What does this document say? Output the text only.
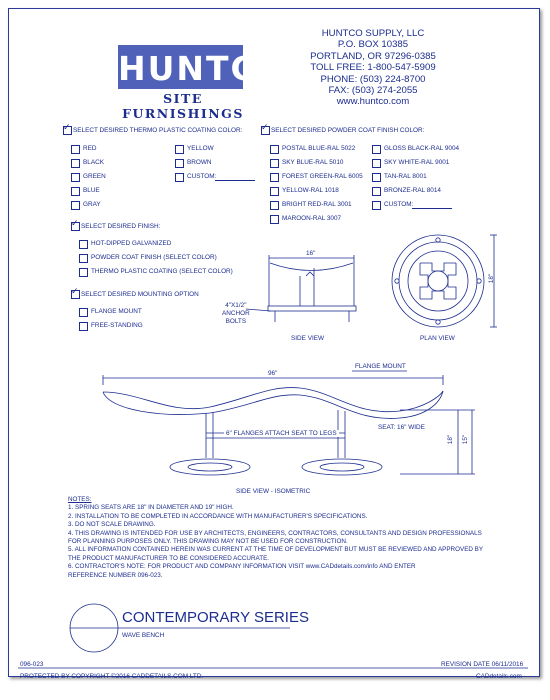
HUNTCO
SITE FURNISHINGS
HUNTCO SUPPLY, LLC
P.O. BOX 10385
PORTLAND, OR 97296-0385
TOLL FREE: 1-800-547-5909
PHONE: (503) 224-8700
FAX: (503) 274-2055
www.huntco.com
✓ SELECT DESIRED THERMO PLASTIC COATING COLOR:
RED
BLACK
GREEN
BLUE
GRAY
YELLOW
BROWN
CUSTOM:
✓ SELECT DESIRED POWDER COAT FINISH COLOR:
POSTAL BLUE-RAL 5022
SKY BLUE-RAL 5010
FOREST GREEN-RAL 6005
YELLOW-RAL 1018
BRIGHT RED-RAL 3001
MAROON-RAL 3007
GLOSS BLACK-RAL 9004
SKY WHITE-RAL 9001
TAN-RAL 8001
BRONZE-RAL 8014
CUSTOM:
✓ SELECT DESIRED FINISH:
HOT-DIPPED GALVANIZED
POWDER COAT FINISH (SELECT COLOR)
THERMO PLASTIC COATING (SELECT COLOR)
✓ SELECT DESIRED MOUNTING OPTION
FLANGE MOUNT
FREE-STANDING
16"
4"X1/2"
ANCHOR
BOLTS
SIDE VIEW
18"
PLAN VIEW
FLANGE MOUNT
96"
6" FLANGES ATTACH SEAT TO LEGS
SEAT: 16" WIDE
18" 15"
SIDE VIEW - ISOMETRIC
NOTES:
1. SPRING SEATS ARE 18" IN DIAMETER AND 19" HIGH.
2. INSTALLATION TO BE COMPLETED IN ACCORDANCE WITH MANUFACTURER'S SPECIFICATIONS.
3. DO NOT SCALE DRAWING.
4. THIS DRAWING IS INTENDED FOR USE BY ARCHITECTS, ENGINEERS, CONTRACTORS, CONSULTANTS AND DESIGN PROFESSIONALS
FOR PLANNING PURPOSES ONLY. THIS DRAWING MAY NOT BE USED FOR CONSTRUCTION.
5. ALL INFORMATION CONTAINED HEREIN WAS CURRENT AT THE TIME OF DEVELOPMENT BUT MUST BE REVIEWED AND APPROVED BY
THE PRODUCT MANUFACTURER TO BE CONSIDERED ACCURATE.
6. CONTRACTOR'S NOTE: FOR PRODUCT AND COMPANY INFORMATION VISIT www.CADdetails.com/info AND ENTER
REFERENCE NUMBER 096-023.
CONTEMPORARY SERIES
WAVE BENCH
096-023	REVISION DATE 06/11/2016
PROTECTED BY COPYRIGHT ©2016 CADDETAILS.COM LTD.	CADdetails.com
